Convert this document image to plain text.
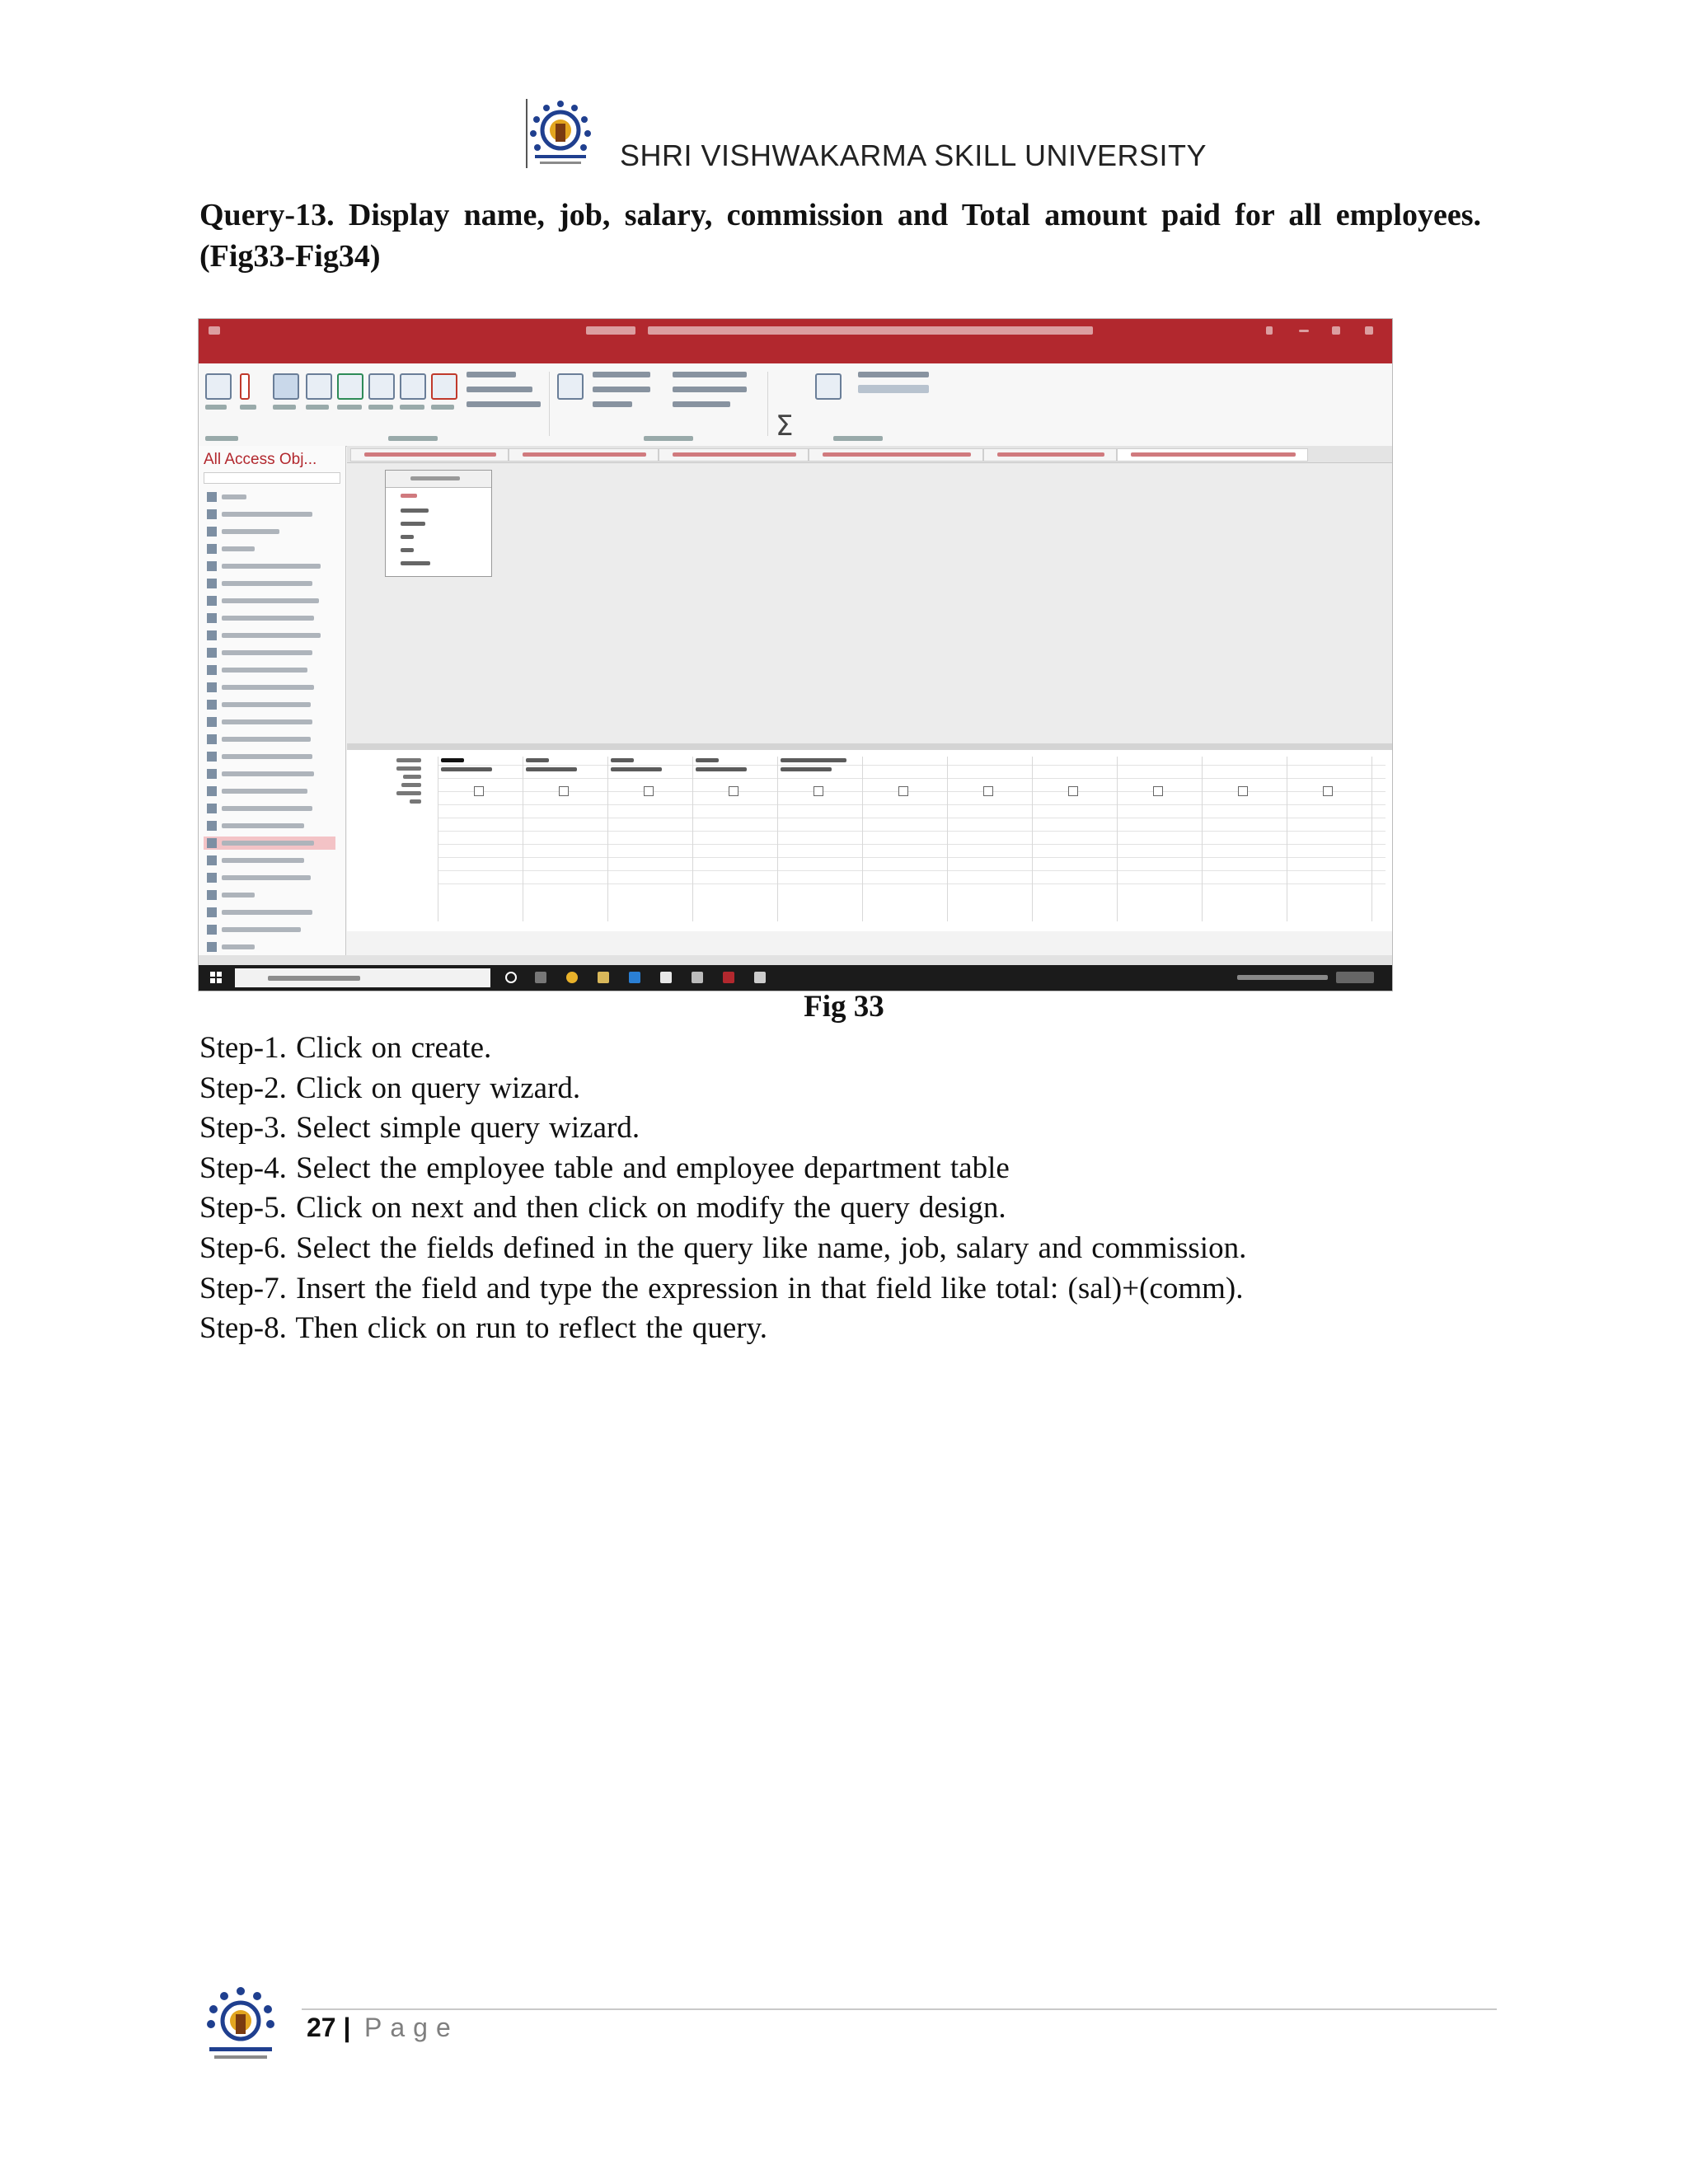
SHRI VISHWAKARMA SKILL UNIVERSITY
Query-13. Display name, job, salary, commission and Total amount paid for all employees. (Fig33-Fig34)
Σ
All Access Obj...
Fig 33
Step-1. Click on create.
Step-2. Click on query wizard.
Step-3. Select simple query wizard.
Step-4. Select the employee table and employee department table
Step-5. Click on next and then click on modify the query design.
Step-6. Select the fields defined in the query like name, job, salary and commission.
Step-7. Insert the field and type the expression in that field like total: (sal)+(comm).
Step-8. Then click on run to reflect the query.
27 | Page
